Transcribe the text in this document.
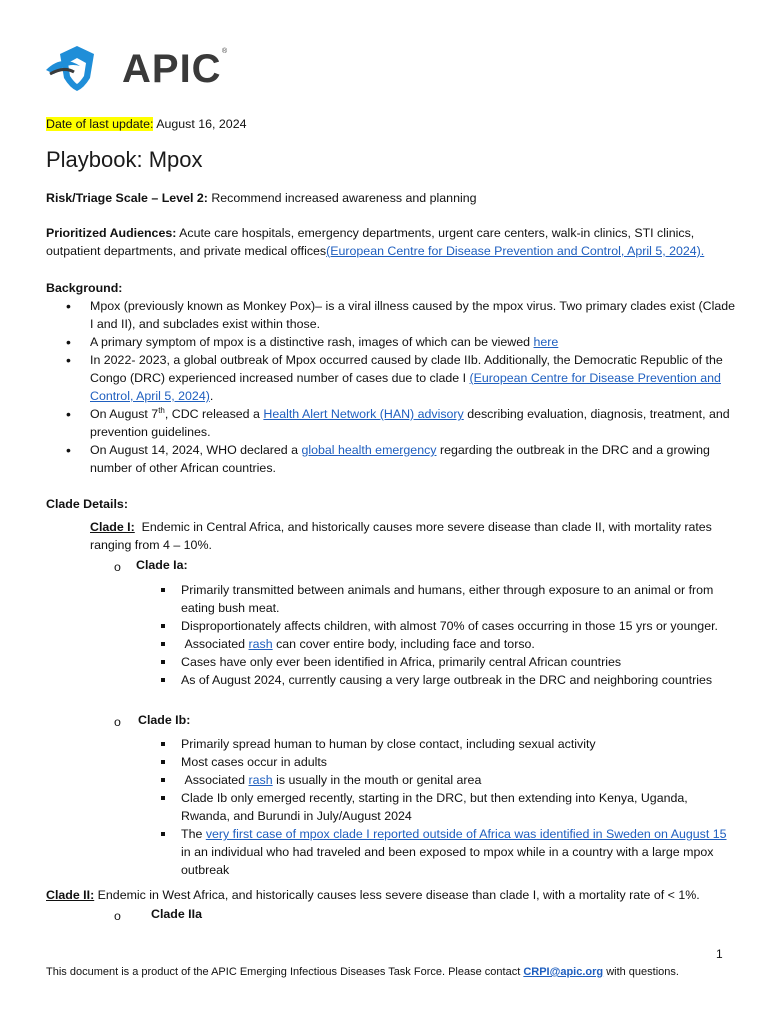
APIC ®
Date of last update: August 16, 2024
Playbook: Mpox
Risk/Triage Scale – Level 2: Recommend increased awareness and planning
Prioritized Audiences: Acute care hospitals, emergency departments, urgent care centers, walk-in clinics, STI clinics, outpatient departments, and private medical offices(European Centre for Disease Prevention and Control, April 5, 2024).
Background:
• Mpox (previously known as Monkey Pox)– is a viral illness caused by the mpox virus. Two primary clades exist (Clade I and II), and subclades exist within those.
• A primary symptom of mpox is a distinctive rash, images of which can be viewed here
• In 2022- 2023, a global outbreak of Mpox occurred caused by clade IIb. Additionally, the Democratic Republic of the Congo (DRC) experienced increased number of cases due to clade I (European Centre for Disease Prevention and Control, April 5, 2024).
• On August 7th, CDC released a Health Alert Network (HAN) advisory describing evaluation, diagnosis, treatment, and prevention guidelines.
• On August 14, 2024, WHO declared a global health emergency regarding the outbreak in the DRC and a growing number of other African countries.
Clade Details:
Clade I: Endemic in Central Africa, and historically causes more severe disease than clade II, with mortality rates ranging from 4 – 10%.
o	Clade Ia:
Primarily transmitted between animals and humans, either through exposure to an animal or from eating bush meat.
Disproportionately affects children, with almost 70% of cases occurring in those 15 yrs or younger.
Associated rash can cover entire body, including face and torso.
Cases have only ever been identified in Africa, primarily central African countries
As of August 2024, currently causing a very large outbreak in the DRC and neighboring countries
o	Clade Ib:
Primarily spread human to human by close contact, including sexual activity
Most cases occur in adults
Associated rash is usually in the mouth or genital area
Clade Ib only emerged recently, starting in the DRC, but then extending into Kenya, Uganda, Rwanda, and Burundi in July/August 2024
The very first case of mpox clade I reported outside of Africa was identified in Sweden on August 15 in an individual who had traveled and been exposed to mpox while in a country with a large mpox outbreak
Clade II: Endemic in West Africa, and historically causes less severe disease than clade I, with a mortality rate of < 1%.
o	Clade IIa
1
This document is a product of the APIC Emerging Infectious Diseases Task Force. Please contact CRPI@apic.org with questions.
